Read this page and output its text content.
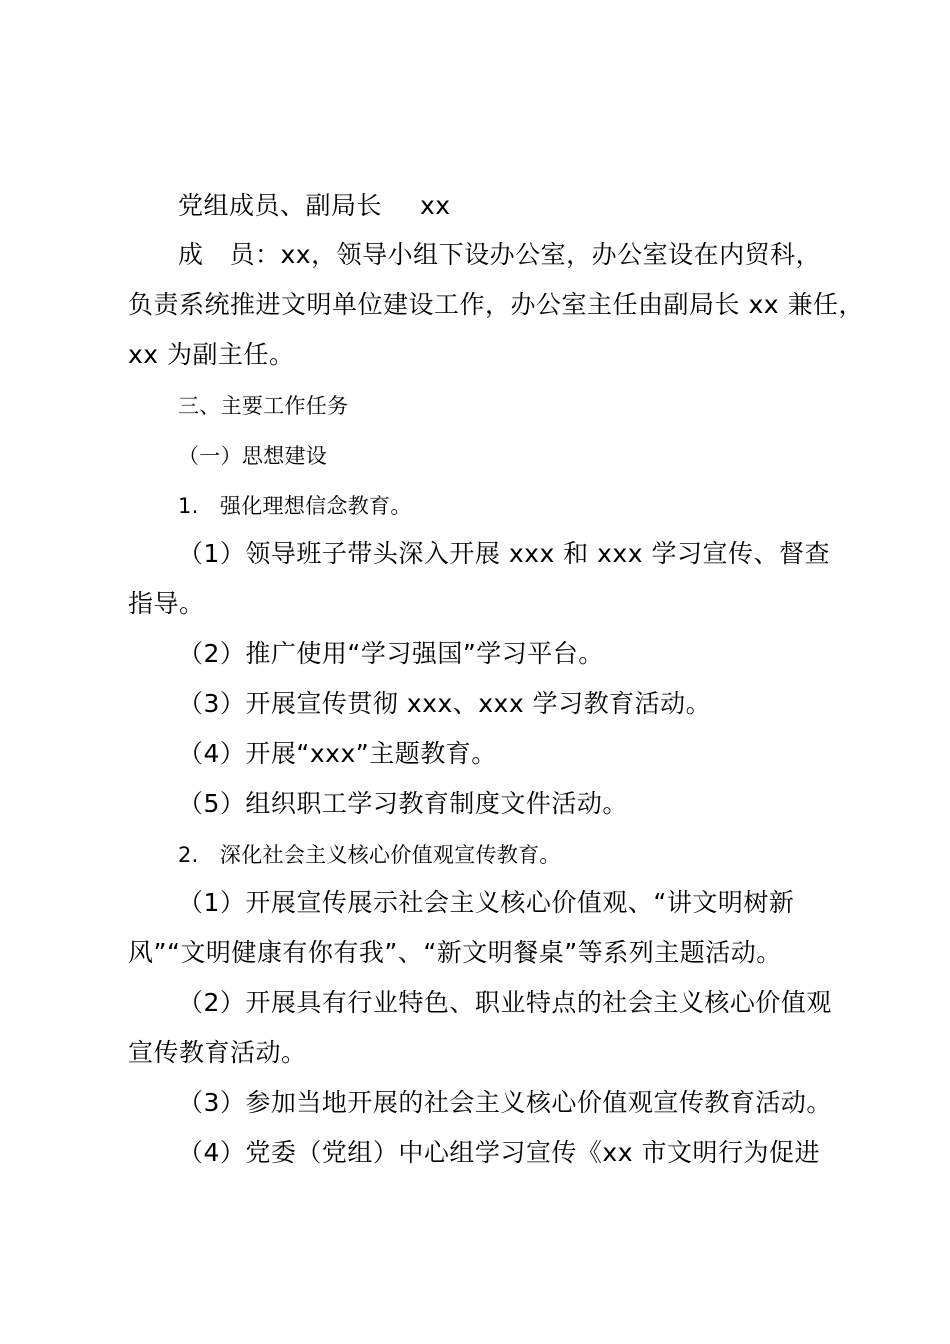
党组成员、副局长 xx
成 员：xx，领导小组下设办公室，办公室设在内贸科，
负责系统推进文明单位建设工作，办公室主任由副局长 xx 兼任，
xx 为副主任。
三、主要工作任务
（一）思想建设
1.　强化理想信念教育。
（1）领导班子带头深入开展 xxx 和 xxx 学习宣传、督查
指导。
（2）推广使用“学习强国”学习平台。
（3）开展宣传贯彻 xxx、xxx 学习教育活动。
（4）开展“xxx”主题教育。
（5）组织职工学习教育制度文件活动。
2.　深化社会主义核心价值观宣传教育。
（1）开展宣传展示社会主义核心价值观、“讲文明树新
风”“文明健康有你有我”、“新文明餐桌”等系列主题活动。
（2）开展具有行业特色、职业特点的社会主义核心价值观
宣传教育活动。
（3）参加当地开展的社会主义核心价值观宣传教育活动。
（4）党委（党组）中心组学习宣传《xx 市文明行为促进
